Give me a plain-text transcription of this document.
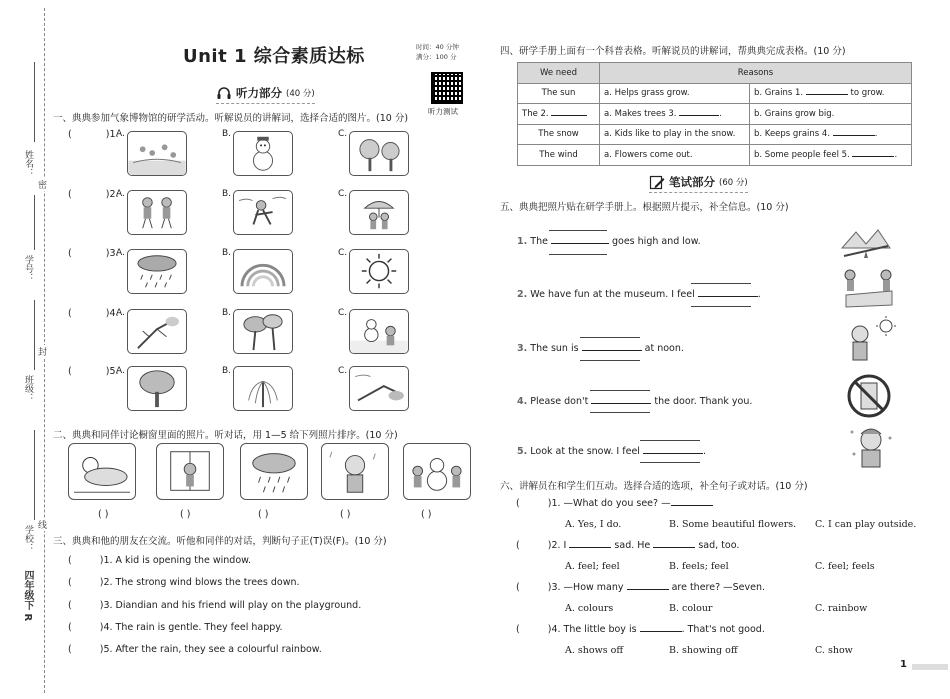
姓名：
学号：
班级：
学校：
密
封
线
四年级下 R
Unit 1 综合素质达标	时间：40 分钟
满分：100 分
听力测试
听力部分 (40 分)
一、典典参加气象博物馆的研学活动。听解说员的讲解词，选择合适的图片。(10 分)
(	)1.
(	)2.
(	)3.
(	)4.
(	)5.
A.	B.	C.
A.	B.	C.
A.	B.	C.
A.	B.	C.
A.	B.	C.
二、典典和同伴讨论橱窗里面的照片。听对话，用 1—5 给下列照片排序。(10 分)
( )	( )	( )	( )	( )
三、典典和他的朋友在交流。听他和同伴的对话，判断句子正(T)误(F)。(10 分)
(	)1. A kid is opening the window.
(	)2. The strong wind blows the trees down.
(	)3. Diandian and his friend will play on the playground.
(	)4. The rain is gentle. They feel happy.
(	)5. After the rain, they see a colourful rainbow.
四、研学手册上面有一个科普表格。听解说员的讲解词，帮典典完成表格。(10 分)
We need	Reasons	
The sun	a. Helps grass grow.	b. Grains 1. to grow.
The 2.	a. Makes trees 3. .	b. Grains grow big.
The snow	a. Kids like to play in the snow.	b. Keeps grains 4. .
The wind	a. Flowers come out.	b. Some people feel 5. .
笔试部分 (60 分)
五、典典把照片贴在研学手册上。根据照片提示，补全信息。(10 分)
1. The	goes high and low.
2. We have fun at the museum. I feel	.
3. The sun is	at noon.
4. Please don't	the door. Thank you.
5. Look at the snow. I feel	.
六、讲解员在和学生们互动。选择合适的选项，补全句子或对话。(10 分)
(	)1. —What do you see? —
A. Yes, I do.	B. Some beautiful flowers. C. I can play outside.
(	)2. I	sad. He	sad, too.
A. feel; feel	B. feels; feel	C. feel; feels
(	)3. —How many	are there? —Seven.
A. colours	B. colour	C. rainbow
(	)4. The little boy is	. That's not good.
A. shows off	B. showing off	C. show
1
